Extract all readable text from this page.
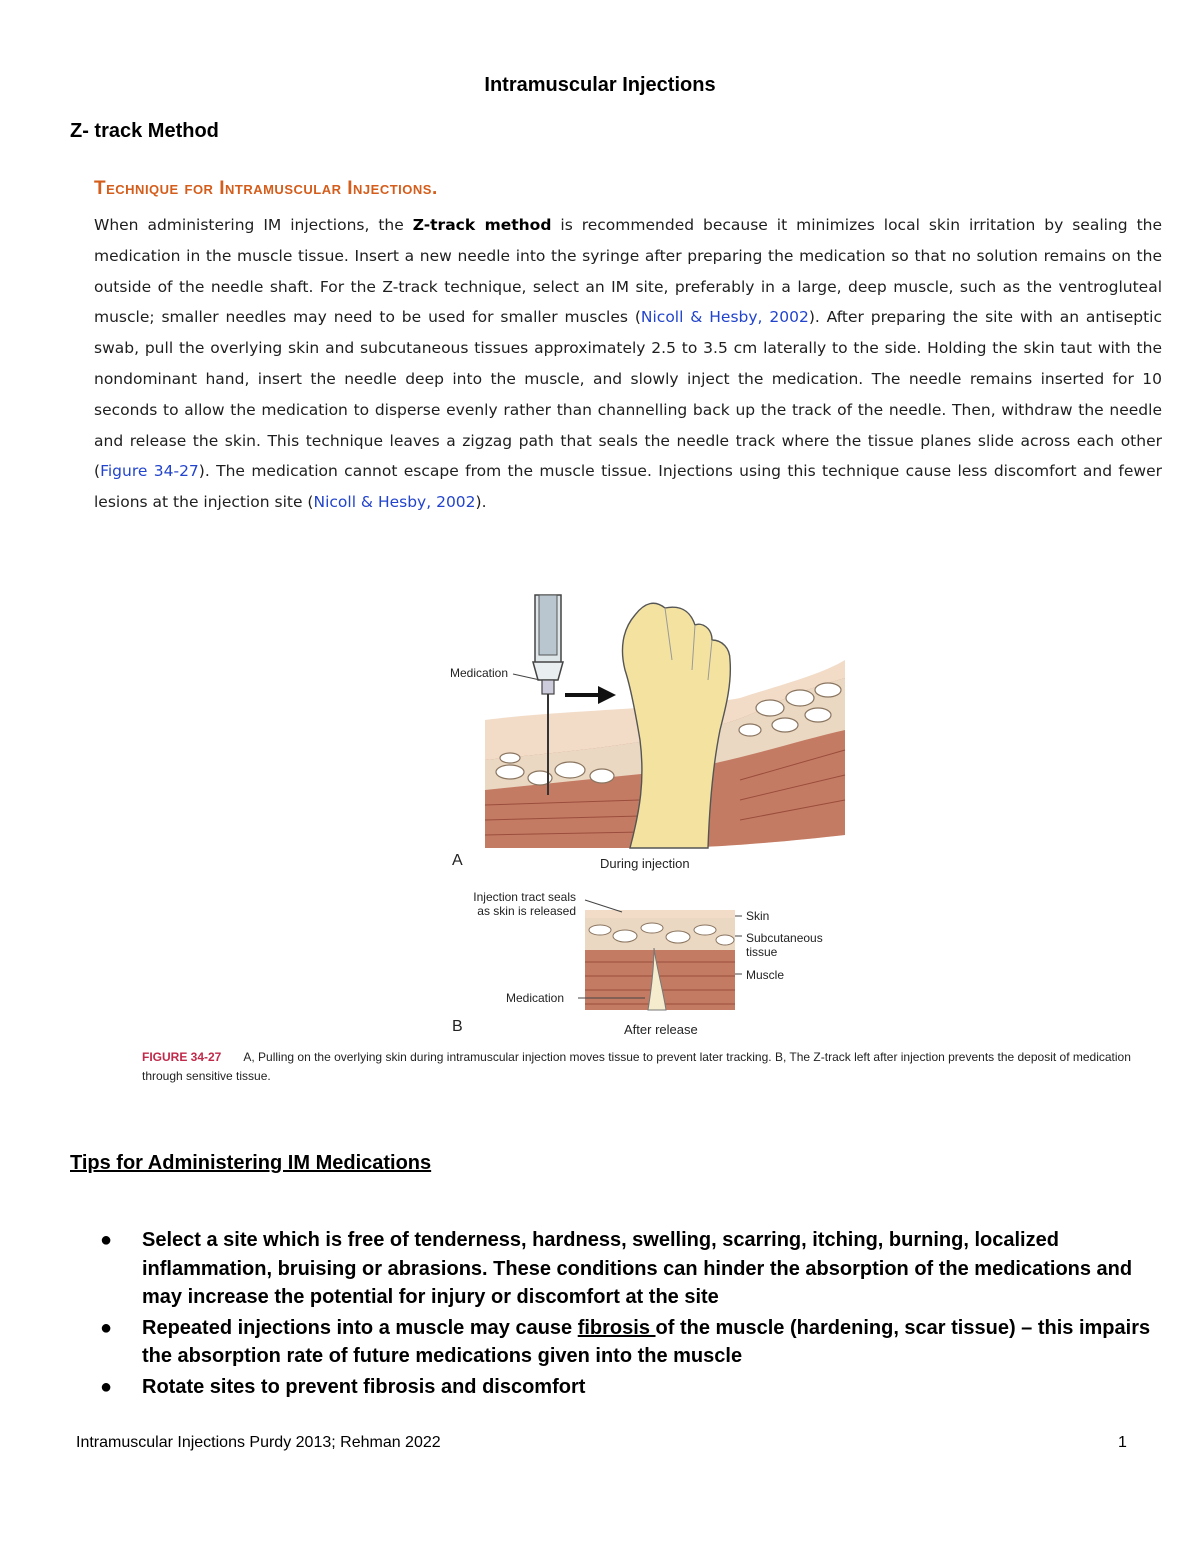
Intramuscular Injections
Z- track Method
Technique for Intramuscular Injections.
When administering IM injections, the Z-track method is recommended because it minimizes local skin irritation by sealing the medication in the muscle tissue. Insert a new needle into the syringe after preparing the medication so that no solution remains on the outside of the needle shaft. For the Z-track technique, select an IM site, preferably in a large, deep muscle, such as the ventrogluteal muscle; smaller needles may need to be used for smaller muscles (Nicoll & Hesby, 2002). After preparing the site with an antiseptic swab, pull the overlying skin and subcutaneous tissues approximately 2.5 to 3.5 cm laterally to the side. Holding the skin taut with the nondominant hand, insert the needle deep into the muscle, and slowly inject the medication. The needle remains inserted for 10 seconds to allow the medication to disperse evenly rather than channelling back up the track of the needle. Then, withdraw the needle and release the skin. This technique leaves a zigzag path that seals the needle track where the tissue planes slide across each other (Figure 34-27). The medication cannot escape from the muscle tissue. Injections using this technique cause less discomfort and fewer lesions at the injection site (Nicoll & Hesby, 2002).
Medication
A	During injection
Injection tract seals
as skin is released	Skin
Subcutaneous
tissue
Muscle
Medication
B	After release
FIGURE 34-27 A, Pulling on the overlying skin during intramuscular injection moves tissue to prevent later tracking. B, The Z-track left after injection prevents the deposit of medication through sensitive tissue.
Tips for Administering IM Medications
● Select a site which is free of tenderness, hardness, swelling, scarring, itching, burning, localized inflammation, bruising or abrasions. These conditions can hinder the absorption of the medications and may increase the potential for injury or discomfort at the site
● Repeated injections into a muscle may cause fibrosis of the muscle (hardening, scar tissue) – this impairs the absorption rate of future medications given into the muscle
● Rotate sites to prevent fibrosis and discomfort
Intramuscular Injections Purdy 2013; Rehman 2022	1
